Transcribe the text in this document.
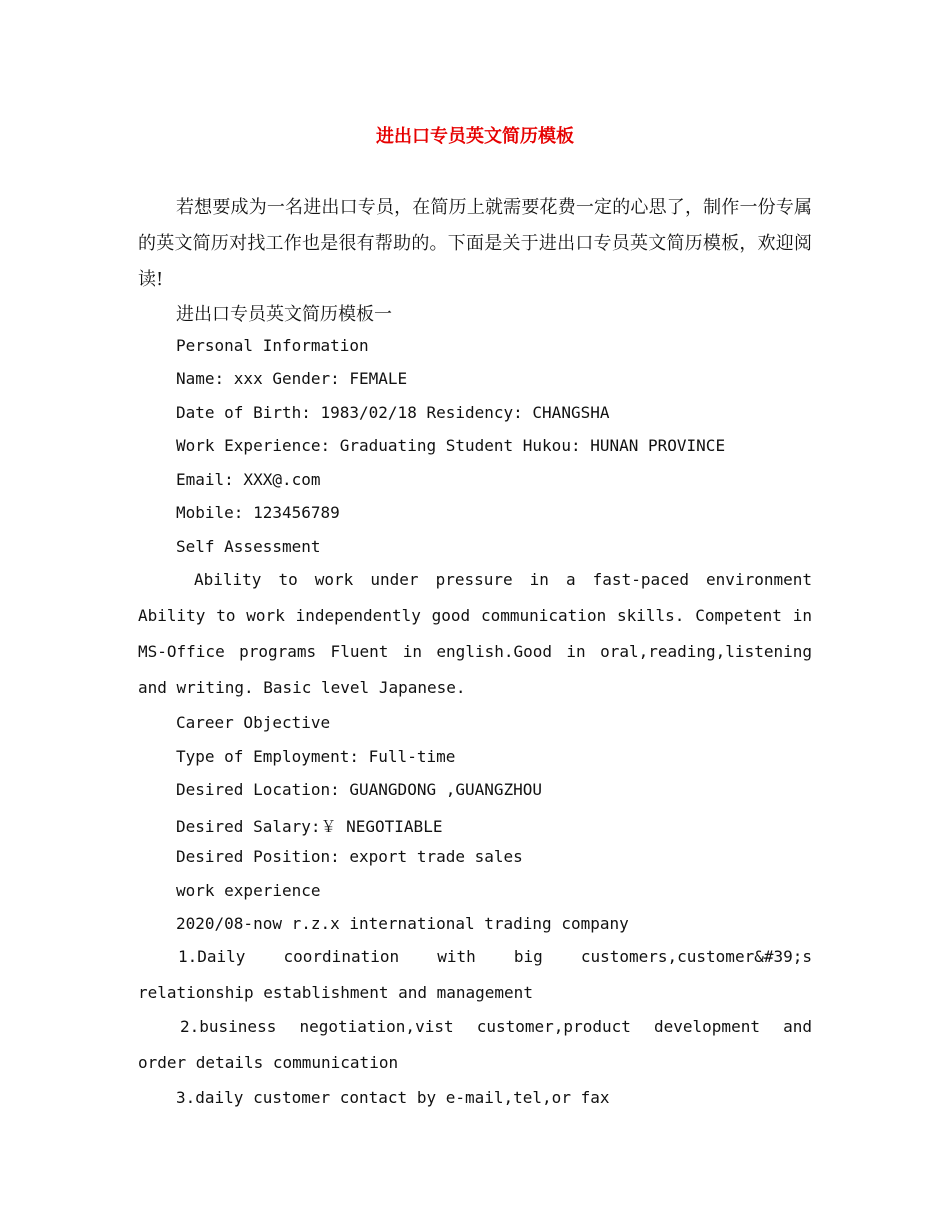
进出口专员英文简历模板

若想要成为一名进出口专员，在简历上就需要花费一定的心思了，制作一份专属的英文简历对找工作也是很有帮助的。下面是关于进出口专员英文简历模板，欢迎阅读!

进出口专员英文简历模板一
Personal Information
Name: xxx Gender: FEMALE
Date of Birth: 1983/02/18 Residency: CHANGSHA
Work Experience: Graduating Student Hukou: HUNAN PROVINCE
Email: XXX@.com
Mobile: 123456789
Self Assessment

Ability to work under pressure in a fast-paced environment Ability to work independently good communication skills. Competent in MS-Office programs Fluent in english.Good in oral,reading,listening and writing. Basic level Japanese.

Career Objective
Type of Employment: Full-time
Desired Location: GUANGDONG ,GUANGZHOU
Desired Salary:￥ NEGOTIABLE
Desired Position: export trade sales
work experience
2020/08-now r.z.x international trading company

1.Daily coordination with big customers,customer&#39;s relationship establishment and management

2.business negotiation,vist customer,product development and order details communication

3.daily customer contact by e-mail,tel,or fax
